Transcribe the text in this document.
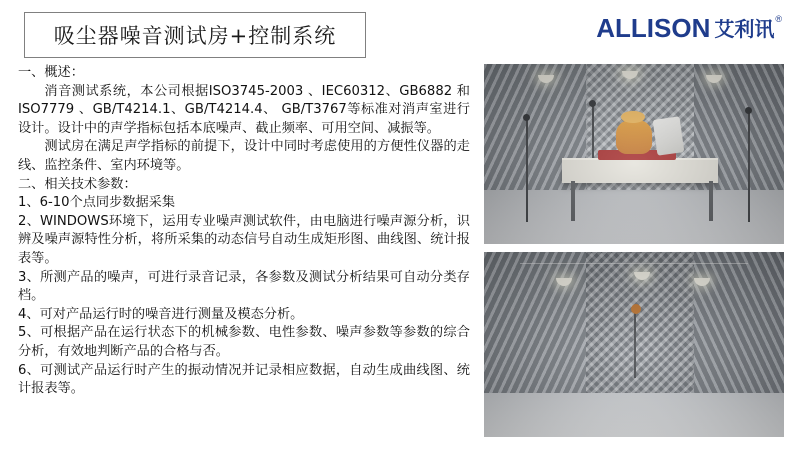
吸尘器噪音测试房+控制系统	ALLISON 艾利讯 ®

一、概述：

消音测试系统，本公司根据ISO3745-2003 、IEC60312、GB6882 和ISO7779 、GB/T4214.1、GB/T4214.4、 GB/T3767等标准对消声室进行设计。设计中的声学指标包括本底噪声、截止频率、可用空间、减振等。

测试房在满足声学指标的前提下，设计中同时考虑使用的方便性仪器的走线、监控条件、室内环境等。

二、相关技术参数：

1、6-10个点同步数据采集

2、WINDOWS环境下，运用专业噪声测试软件，由电脑进行噪声源分析，识辨及噪声源特性分析，将所采集的动态信号自动生成矩形图、曲线图、统计报表等。

3、所测产品的噪声，可进行录音记录，各参数及测试分析结果可自动分类存档。

4、可对产品运行时的噪音进行测量及模态分析。

5、可根据产品在运行状态下的机械参数、电性参数、噪声参数等参数的综合分析，有效地判断产品的合格与否。

6、可测试产品运行时产生的振动情况并记录相应数据，自动生成曲线图、统计报表等。
